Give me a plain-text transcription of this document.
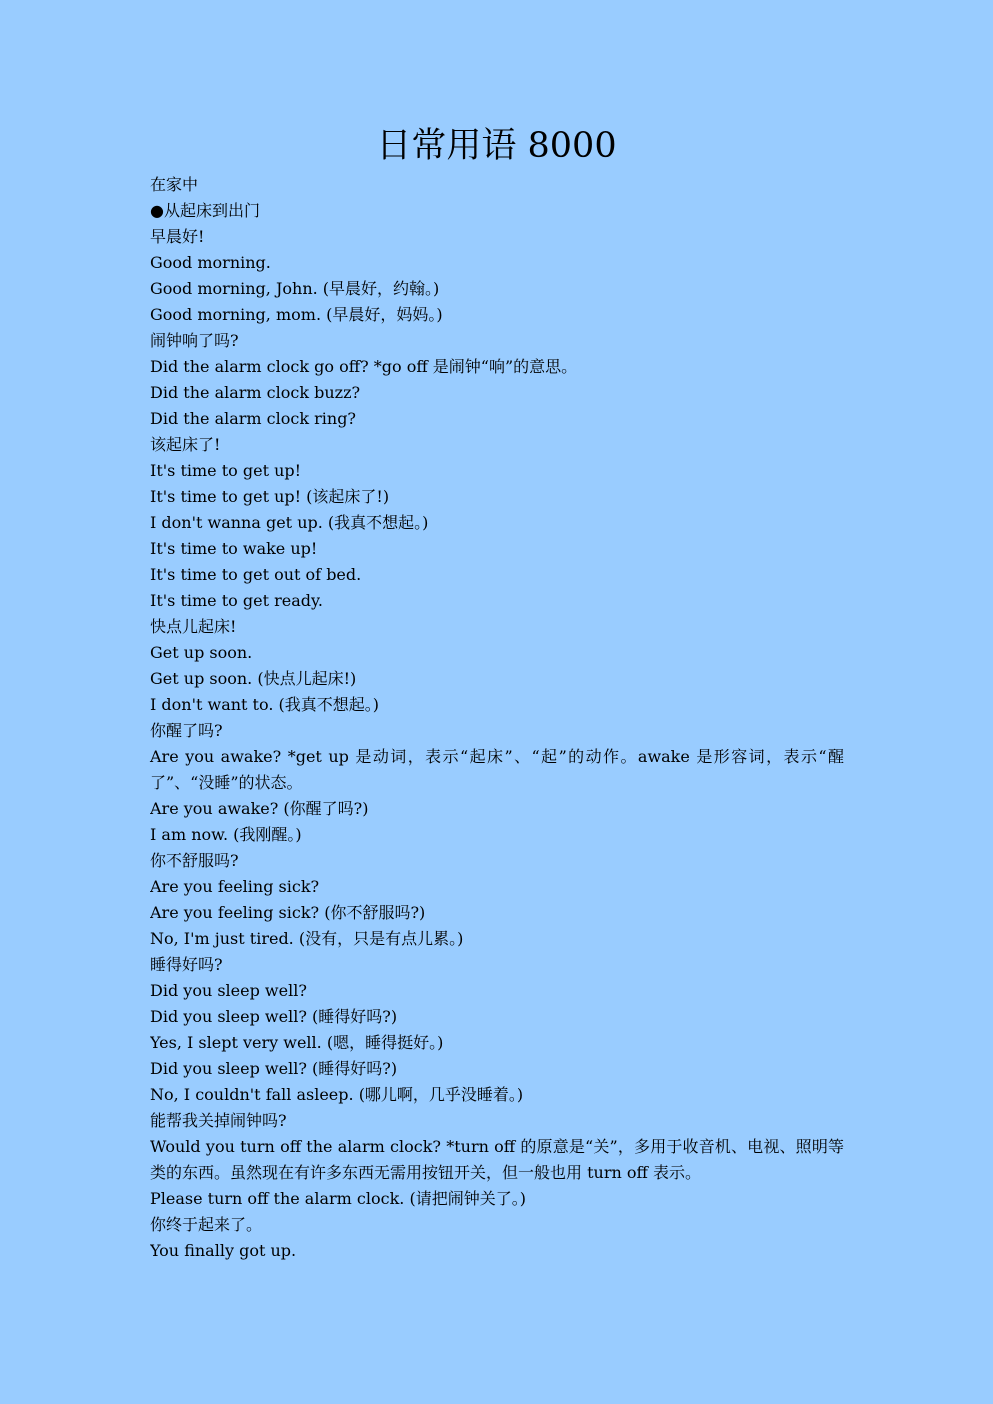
日常用语 8000
在家中
●从起床到出门
早晨好!
Good morning.
Good morning, John. (早晨好，约翰。)
Good morning, mom. (早晨好，妈妈。)
闹钟响了吗?
Did the alarm clock go off? *go off 是闹钟“响”的意思。
Did the alarm clock buzz?
Did the alarm clock ring?
该起床了!
It's time to get up!
It's time to get up! (该起床了!)
I don't wanna get up. (我真不想起。)
It's time to wake up!
It's time to get out of bed.
It's time to get ready.
快点儿起床!
Get up soon.
Get up soon. (快点儿起床!)
I don't want to. (我真不想起。)
你醒了吗?
Are you awake? *get up 是动词，表示“起床”、“起”的动作。awake 是形容词，表示“醒了”、“没睡”的状态。
Are you awake? (你醒了吗?)
I am now. (我刚醒。)
你不舒服吗?
Are you feeling sick?
Are you feeling sick? (你不舒服吗?)
No, I'm just tired. (没有，只是有点儿累。)
睡得好吗?
Did you sleep well?
Did you sleep well? (睡得好吗?)
Yes, I slept very well. (嗯，睡得挺好。)
Did you sleep well? (睡得好吗?)
No, I couldn't fall asleep. (哪儿啊，几乎没睡着。)
能帮我关掉闹钟吗?
Would you turn off the alarm clock? *turn off 的原意是“关”，多用于收音机、电视、照明等类的东西。虽然现在有许多东西无需用按钮开关，但一般也用 turn off 表示。
Please turn off the alarm clock. (请把闹钟关了。)
你终于起来了。
You finally got up.
